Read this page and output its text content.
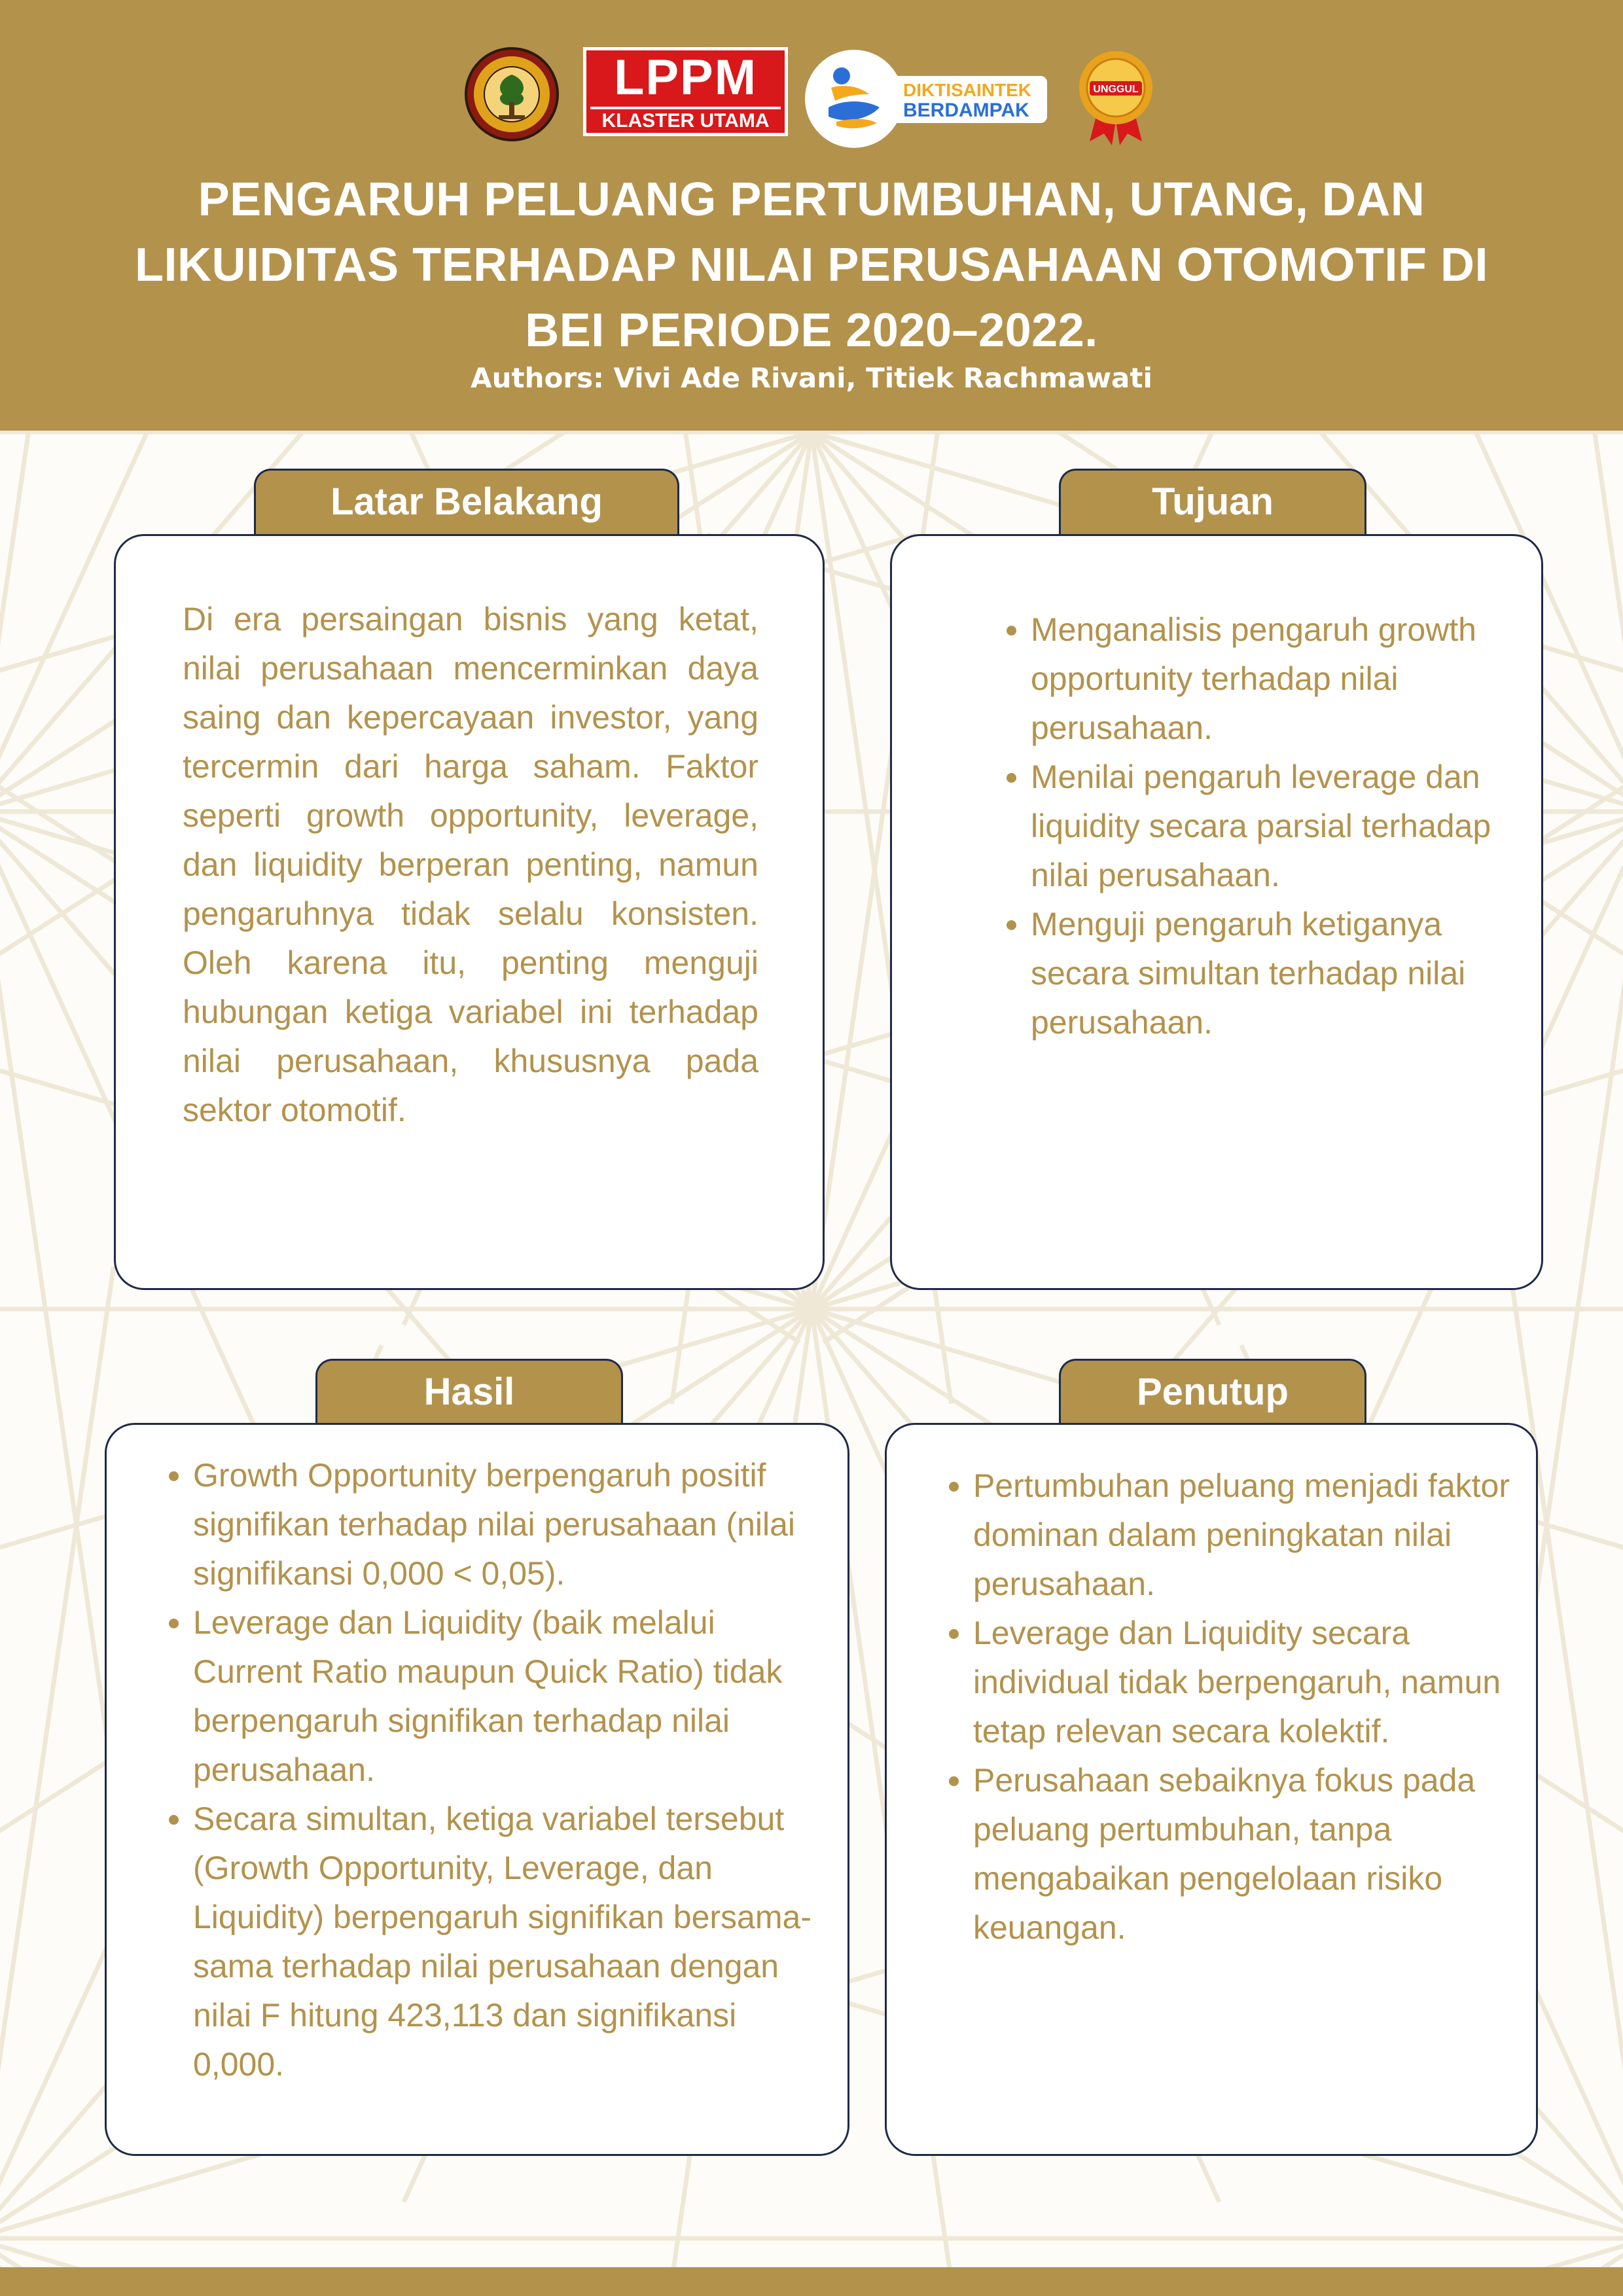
LPPM
KLASTER UTAMA
DIKTISAINTEK
BERDAMPAK
UNGGUL
PENGARUH PELUANG PERTUMBUHAN, UTANG, DAN
LIKUIDITAS TERHADAP NILAI PERUSAHAAN OTOMOTIF DI
BEI PERIODE 2020–2022.
Authors: Vivi Ade Rivani, Titiek Rachmawati
Latar Belakang
Di era persaingan bisnis yang ketat, nilai perusahaan mencerminkan daya saing dan kepercayaan investor, yang tercermin dari harga saham. Faktor seperti growth opportunity, leverage, dan liquidity berperan penting, namun pengaruhnya tidak selalu konsisten. Oleh karena itu, penting menguji hubungan ketiga variabel ini terhadap nilai perusahaan, khususnya pada sektor otomotif.
Tujuan
• Menganalisis pengaruh growth opportunity terhadap nilai perusahaan.
• Menilai pengaruh leverage dan liquidity secara parsial terhadap nilai perusahaan.
• Menguji pengaruh ketiganya secara simultan terhadap nilai perusahaan.
Hasil
• Growth Opportunity berpengaruh positif signifikan terhadap nilai perusahaan (nilai signifikansi 0,000 < 0,05).
• Leverage dan Liquidity (baik melalui Current Ratio maupun Quick Ratio) tidak berpengaruh signifikan terhadap nilai perusahaan.
• Secara simultan, ketiga variabel tersebut (Growth Opportunity, Leverage, dan Liquidity) berpengaruh signifikan bersama-sama terhadap nilai perusahaan dengan nilai F hitung 423,113 dan signifikansi 0,000.
Penutup
• Pertumbuhan peluang menjadi faktor dominan dalam peningkatan nilai perusahaan.
• Leverage dan Liquidity secara individual tidak berpengaruh, namun tetap relevan secara kolektif.
• Perusahaan sebaiknya fokus pada peluang pertumbuhan, tanpa mengabaikan pengelolaan risiko keuangan.
